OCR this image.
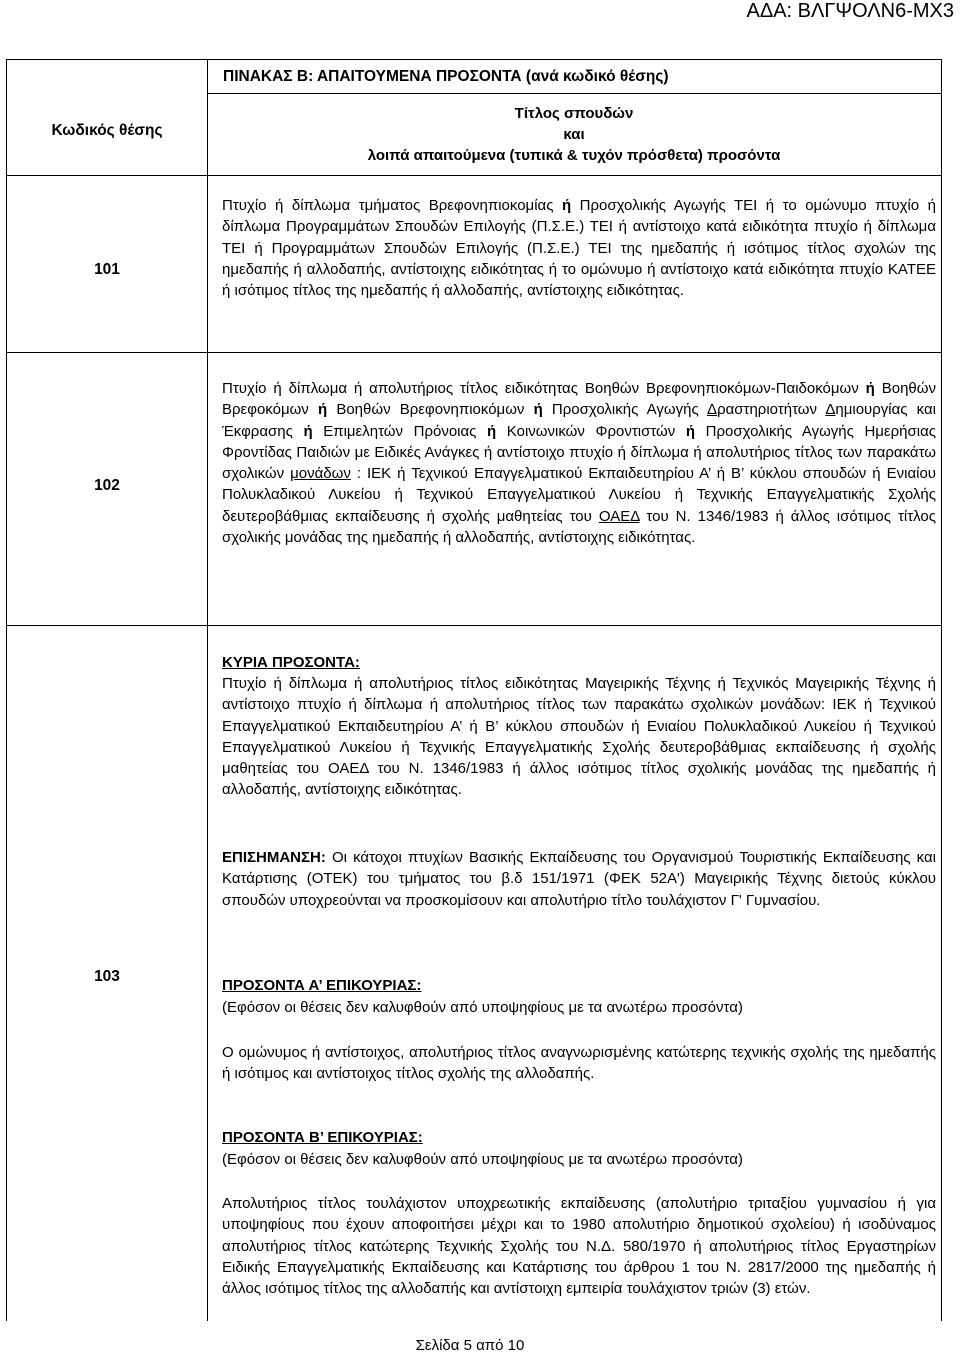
ΑΔΑ: ΒΛΓΨΟΛΝ6-ΜΧ3
Κωδικός θέσης
ΠΙΝΑΚΑΣ Β: ΑΠΑΙΤΟΥΜΕΝΑ ΠΡΟΣΟΝΤΑ (ανά κωδικό θέσης)
Τίτλος σπουδών
και
λοιπά απαιτούμενα (τυπικά & τυχόν πρόσθετα) προσόντα
101
Πτυχίο ή δίπλωμα τμήματος Βρεφονηπιοκομίας ή Προσχολικής Αγωγής ΤΕΙ ή το ομώνυμο πτυχίο ή δίπλωμα Προγραμμάτων Σπουδών Επιλογής (Π.Σ.Ε.) ΤΕΙ ή αντίστοιχο κατά ειδικότητα πτυχίο ή δίπλωμα ΤΕΙ ή Προγραμμάτων Σπουδών Επιλογής (Π.Σ.Ε.) ΤΕΙ της ημεδαπής ή ισότιμος τίτλος σχολών της ημεδαπής ή αλλοδαπής, αντίστοιχης ειδικότητας ή το ομώνυμο ή αντίστοιχο κατά ειδικότητα πτυχίο ΚΑΤΕΕ ή ισότιμος τίτλος της ημεδαπής ή αλλοδαπής, αντίστοιχης ειδικότητας.
102
Πτυχίο ή δίπλωμα ή απολυτήριος τίτλος ειδικότητας Βοηθών Βρεφονηπιοκόμων-Παιδοκόμων ή Βοηθών Βρεφοκόμων ή Βοηθών Βρεφονηπιοκόμων ή Προσχολικής Αγωγής Δραστηριοτήτων Δημιουργίας και Έκφρασης ή Επιμελητών Πρόνοιας ή Κοινωνικών Φροντιστών ή Προσχολικής Αγωγής Ημερήσιας Φροντίδας Παιδιών με Ειδικές Ανάγκες ή αντίστοιχο πτυχίο ή δίπλωμα ή απολυτήριος τίτλος των παρακάτω σχολικών μονάδων : ΙΕΚ ή Τεχνικού Επαγγελματικού Εκπαιδευτηρίου Α’ ή Β’ κύκλου σπουδών ή Ενιαίου Πολυκλαδικού Λυκείου ή Τεχνικού Επαγγελματικού Λυκείου ή Τεχνικής Επαγγελματικής Σχολής δευτεροβάθμιας εκπαίδευσης ή σχολής μαθητείας του ΟΑΕΔ του Ν. 1346/1983 ή άλλος ισότιμος τίτλος σχολικής μονάδας της ημεδαπής ή αλλοδαπής, αντίστοιχης ειδικότητας.
103
ΚΥΡΙΑ ΠΡΟΣΟΝΤΑ:
Πτυχίο ή δίπλωμα ή απολυτήριος τίτλος ειδικότητας Μαγειρικής Τέχνης ή Τεχνικός Μαγειρικής Τέχνης ή αντίστοιχο πτυχίο ή δίπλωμα ή απολυτήριος τίτλος των παρακάτω σχολικών μονάδων: ΙΕΚ ή Τεχνικού Επαγγελματικού Εκπαιδευτηρίου Α’ ή Β’ κύκλου σπουδών ή Ενιαίου Πολυκλαδικού Λυκείου ή Τεχνικού Επαγγελματικού Λυκείου ή Τεχνικής Επαγγελματικής Σχολής δευτεροβάθμιας εκπαίδευσης ή σχολής μαθητείας του ΟΑΕΔ του Ν. 1346/1983 ή άλλος ισότιμος τίτλος σχολικής μονάδας της ημεδαπής ή αλλοδαπής, αντίστοιχης ειδικότητας.
ΕΠΙΣΗΜΑΝΣΗ: Οι κάτοχοι πτυχίων Βασικής Εκπαίδευσης του Οργανισμού Τουριστικής Εκπαίδευσης και Κατάρτισης (ΟΤΕΚ) του τμήματος του β.δ 151/1971 (ΦΕΚ 52Α') Μαγειρικής Τέχνης διετούς κύκλου σπουδών υποχρεούνται να προσκομίσουν και απολυτήριο τίτλο τουλάχιστον Γ' Γυμνασίου.
ΠΡΟΣΟΝΤΑ Α’ ΕΠΙΚΟΥΡΙΑΣ:
(Εφόσον οι θέσεις δεν καλυφθούν από υποψηφίους με τα ανωτέρω προσόντα)
Ο ομώνυμος ή αντίστοιχος, απολυτήριος τίτλος αναγνωρισμένης κατώτερης τεχνικής σχολής της ημεδαπής ή ισότιμος και αντίστοιχος τίτλος σχολής της αλλοδαπής.
ΠΡΟΣΟΝΤΑ Β’ ΕΠΙΚΟΥΡΙΑΣ:
(Εφόσον οι θέσεις δεν καλυφθούν από υποψηφίους με τα ανωτέρω προσόντα)
Απολυτήριος τίτλος τουλάχιστον υποχρεωτικής εκπαίδευσης (απολυτήριο τριταξίου γυμνασίου ή για υποψηφίους που έχουν αποφοιτήσει μέχρι και το 1980 απολυτήριο δημοτικού σχολείου) ή ισοδύναμος απολυτήριος τίτλος κατώτερης Τεχνικής Σχολής του Ν.Δ. 580/1970 ή απολυτήριος τίτλος Εργαστηρίων Ειδικής Επαγγελματικής Εκπαίδευσης και Κατάρτισης του άρθρου 1 του Ν. 2817/2000 της ημεδαπής ή άλλος ισότιμος τίτλος της αλλοδαπής και αντίστοιχη εμπειρία τουλάχιστον τριών (3) ετών.
Σελίδα 5 από 10
